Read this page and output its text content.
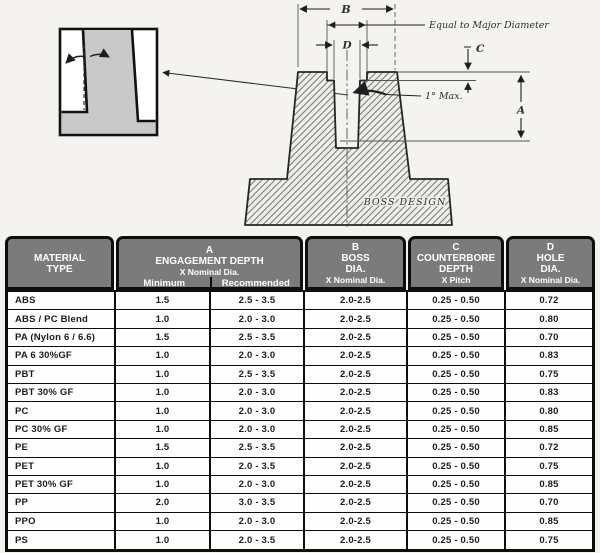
B
Equal to Major Diameter
D	C
A
1° Max.
BOSS DESIGN
MATERIAL
TYPE
A
ENGAGEMENT DEPTH
X Nominal Dia.
Minimum	Recommended
B
BOSS
DIA.
X Nominal Dia.
C
COUNTERBORE
DEPTH
X Pitch
D
HOLE
DIA.
X Nominal Dia.
ABS	1.5	2.5 - 3.5	2.0-2.5	0.25 - 0.50	0.72
ABS / PC Blend	1.0	2.0 - 3.0	2.0-2.5	0.25 - 0.50	0.80
PA (Nylon 6 / 6.6)	1.5	2.5 - 3.5	2.0-2.5	0.25 - 0.50	0.70
PA 6 30%GF	1.0	2.0 - 3.0	2.0-2.5	0.25 - 0.50	0.83
PBT	1.0	2.5 - 3.5	2.0-2.5	0.25 - 0.50	0.75
PBT 30% GF	1.0	2.0 - 3.0	2.0-2.5	0.25 - 0.50	0.83
PC	1.0	2.0 - 3.0	2.0-2.5	0.25 - 0.50	0.80
PC 30% GF	1.0	2.0 - 3.0	2.0-2.5	0.25 - 0.50	0.85
PE	1.5	2.5 - 3.5	2.0-2.5	0.25 - 0.50	0.72
PET	1.0	2.0 - 3.5	2.0-2.5	0.25 - 0.50	0.75
PET 30% GF	1.0	2.0 - 3.0	2.0-2.5	0.25 - 0.50	0.85
PP	2.0	3.0 - 3.5	2.0-2.5	0.25 - 0.50	0.70
PPO	1.0	2.0 - 3.0	2.0-2.5	0.25 - 0.50	0.85
PS	1.0	2.0 - 3.5	2.0-2.5	0.25 - 0.50	0.75
